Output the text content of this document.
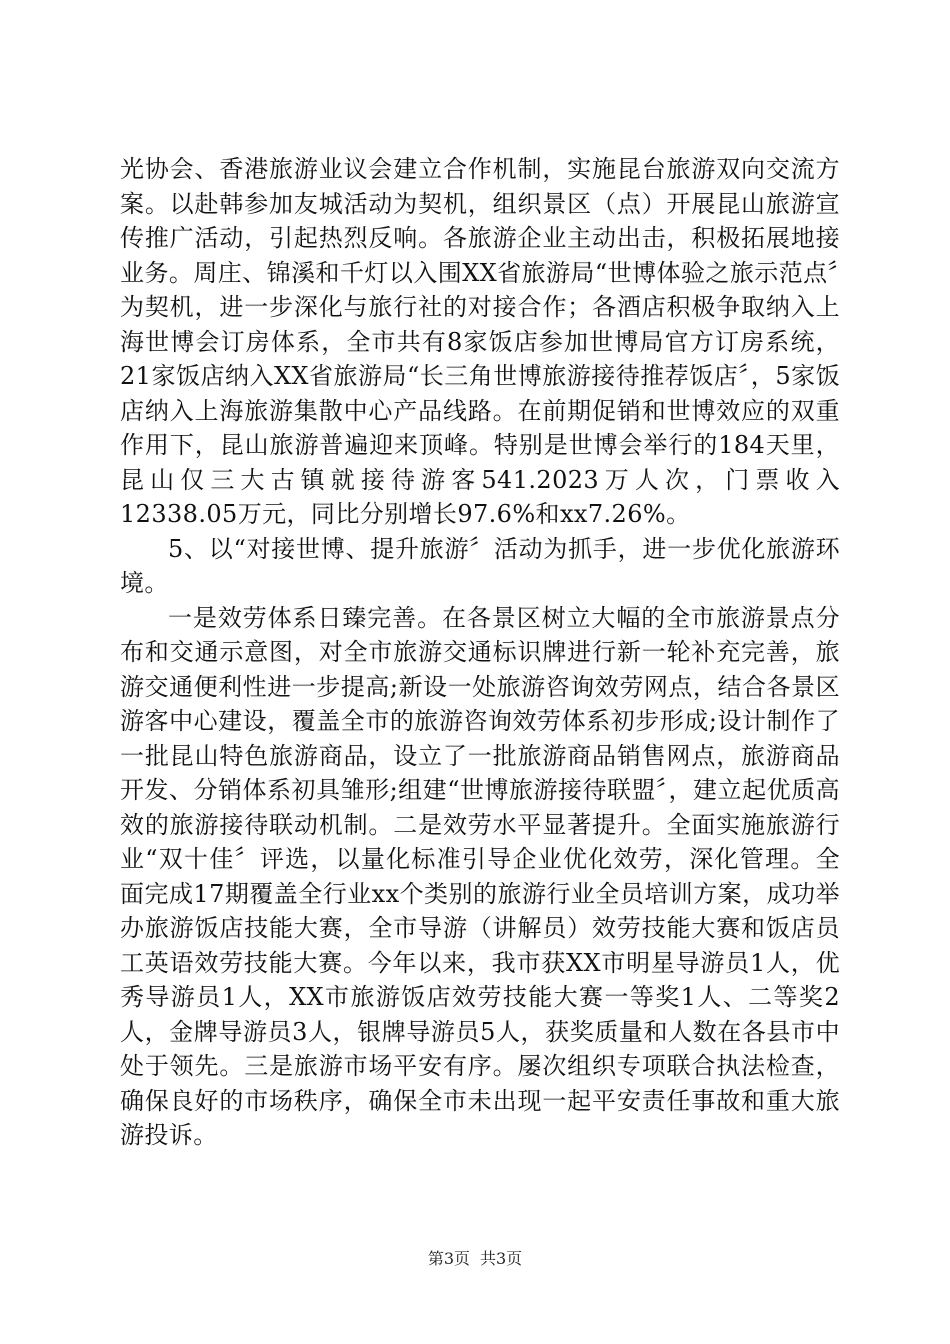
光协会、香港旅游业议会建立合作机制，实施昆台旅游双向交流方案。以赴韩参加友城活动为契机，组织景区（点）开展昆山旅游宣传推广活动，引起热烈反响。各旅游企业主动出击，积极拓展地接业务。周庄、锦溪和千灯以入围XX省旅游局“世博体验之旅示范点〞为契机，进一步深化与旅行社的对接合作；各酒店积极争取纳入上海世博会订房体系，全市共有8家饭店参加世博局官方订房系统，21家饭店纳入XX省旅游局“长三角世博旅游接待推荐饭店〞，5家饭店纳入上海旅游集散中心产品线路。在前期促销和世博效应的双重作用下，昆山旅游普遍迎来顶峰。特别是世博会举行的184天里，昆山仅三大古镇就接待游客541.2023万人次，门票收入12338.05万元，同比分别增长97.6%和xx7.26%。

5、以“对接世博、提升旅游〞活动为抓手，进一步优化旅游环境。

一是效劳体系日臻完善。在各景区树立大幅的全市旅游景点分布和交通示意图，对全市旅游交通标识牌进行新一轮补充完善，旅游交通便利性进一步提高;新设一处旅游咨询效劳网点，结合各景区游客中心建设，覆盖全市的旅游咨询效劳体系初步形成;设计制作了一批昆山特色旅游商品，设立了一批旅游商品销售网点，旅游商品开发、分销体系初具雏形;组建“世博旅游接待联盟〞，建立起优质高效的旅游接待联动机制。二是效劳水平显著提升。全面实施旅游行业“双十佳〞评选，以量化标准引导企业优化效劳，深化管理。全面完成17期覆盖全行业xx个类别的旅游行业全员培训方案，成功举办旅游饭店技能大赛，全市导游（讲解员）效劳技能大赛和饭店员工英语效劳技能大赛。今年以来，我市获XX市明星导游员1人，优秀导游员1人，XX市旅游饭店效劳技能大赛一等奖1人、二等奖2人，金牌导游员3人，银牌导游员5人，获奖质量和人数在各县市中处于领先。三是旅游市场平安有序。屡次组织专项联合执法检查，确保良好的市场秩序，确保全市未出现一起平安责任事故和重大旅游投诉。

第3页 共3页
